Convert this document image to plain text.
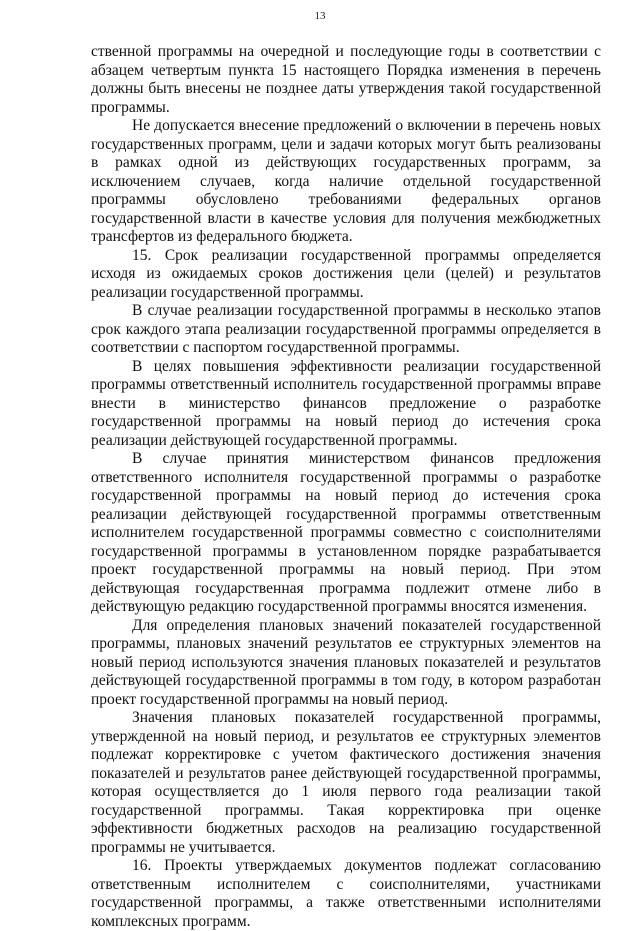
13

ственной программы на очередной и последующие годы в соответствии с абзацем четвертым пункта 15 настоящего Порядка изменения в перечень должны быть внесены не позднее даты утверждения такой государственной программы.

Не допускается внесение предложений о включении в перечень новых государственных программ, цели и задачи которых могут быть реализованы в рамках одной из действующих государственных программ, за исключением случаев, когда наличие отдельной государственной программы обусловлено требованиями федеральных органов государственной власти в качестве условия для получения межбюджетных трансфертов из федерального бюджета.

15. Срок реализации государственной программы определяется исходя из ожидаемых сроков достижения цели (целей) и результатов реализации государственной программы.

В случае реализации государственной программы в несколько этапов срок каждого этапа реализации государственной программы определяется в соответствии с паспортом государственной программы.

В целях повышения эффективности реализации государственной программы ответственный исполнитель государственной программы вправе внести в министерство финансов предложение о разработке государственной программы на новый период до истечения срока реализации действующей государственной программы.

В случае принятия министерством финансов предложения ответственного исполнителя государственной программы о разработке государственной программы на новый период до истечения срока реализации действующей государственной программы ответственным исполнителем государственной программы совместно с соисполнителями государственной программы в установленном порядке разрабатывается проект государственной программы на новый период. При этом действующая государственная программа подлежит отмене либо в действующую редакцию государственной программы вносятся изменения.

Для определения плановых значений показателей государственной программы, плановых значений результатов ее структурных элементов на новый период используются значения плановых показателей и результатов действующей государственной программы в том году, в котором разработан проект государственной программы на новый период.

Значения плановых показателей государственной программы, утвержденной на новый период, и результатов ее структурных элементов подлежат корректировке с учетом фактического достижения значения показателей и результатов ранее действующей государственной программы, которая осуществляется до 1 июля первого года реализации такой государственной программы. Такая корректировка при оценке эффективности бюджетных расходов на реализацию государственной программы не учитывается.

16. Проекты утверждаемых документов подлежат согласованию ответственным исполнителем с соисполнителями, участниками государственной программы, а также ответственными исполнителями комплексных программ.
